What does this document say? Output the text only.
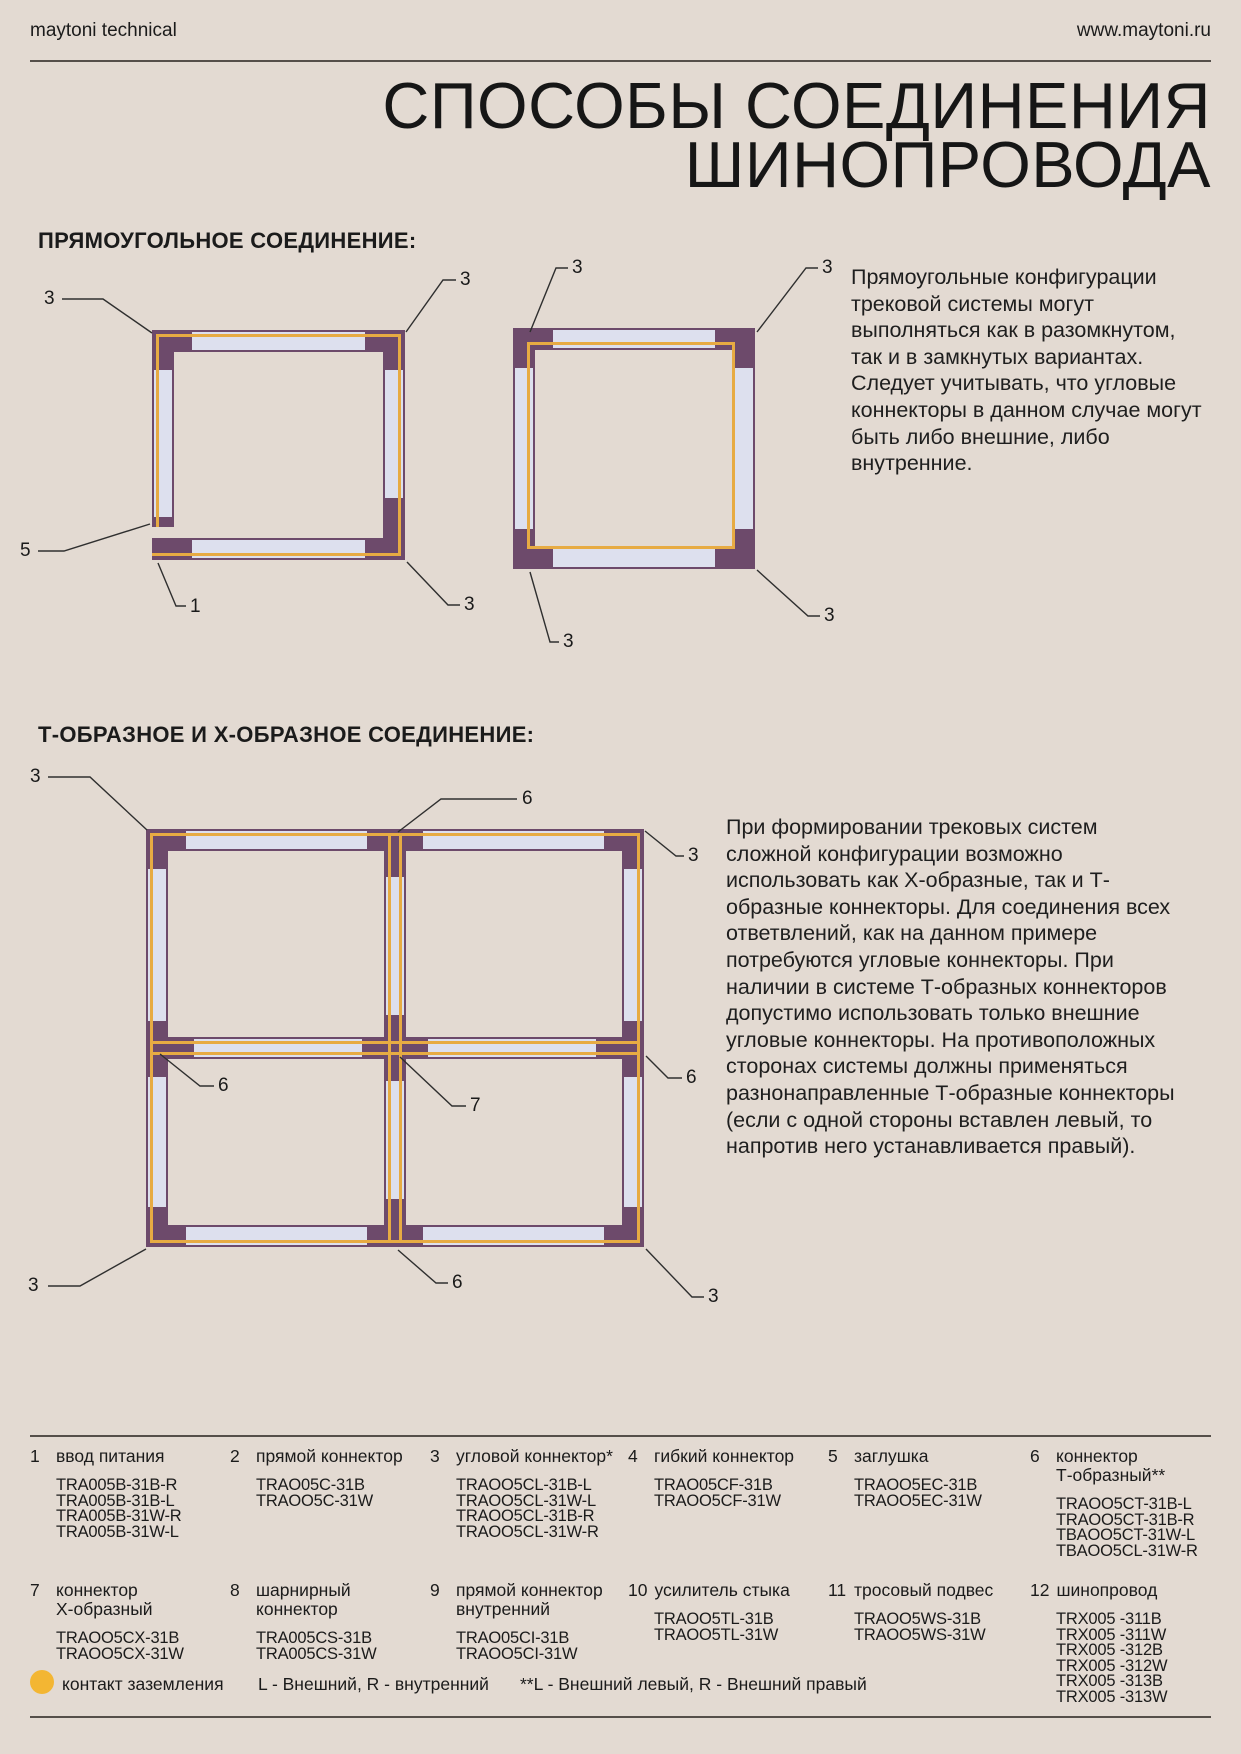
maytoni technical	www.maytoni.ru
СПОСОБЫ СОЕДИНЕНИЯ
ШИНОПРОВОДА
ПРЯМОУГОЛЬНОЕ СОЕДИНЕНИЕ:
Прямоугольные конфигурации трековой системы могут выполняться как в разомкнутом, так и в замкнутых вариантах. Следует учитывать, что угловые коннекторы в данном случае могут быть либо внешние, либо внутренние.
Т-ОБРАЗНОЕ И Х-ОБРАЗНОЕ СОЕДИНЕНИЕ:
При формировании трековых систем сложной конфигурации возможно использовать как Х-образные, так и Т-образные коннекторы. Для соединения всех ответвлений, как на данном примере потребуются угловые коннекторы. При наличии в системе Т-образных коннекторов допустимо использовать только внешние угловые коннекторы. На противоположных сторонах системы должны применяться разнонаправленные Т-образные коннекторы (если с одной стороны вставлен левый, то напротив него устанавливается правый).
3
3
5
1	3
3	3
3
3
3
6
3
6
7
6
3	6
3
1 ввод питания
TRA005B-31B-R
TRA005B-31B-L
TRA005B-31W-R
TRA005B-31W-L
2 прямой коннектор
TRAO05C-31B
TRAOO5C-31W
3 угловой коннектор*
TRAOO5CL-31B-L
TRAOO5CL-31W-L
TRAOO5CL-31B-R
TRAOO5CL-31W-R
4 гибкий коннектор
TRAO05CF-31B
TRAOO5CF-31W
5 заглушка
TRAOO5EC-31B
TRAOO5EC-31W
6 коннектор
Т-образный**
TRAOO5CT-31B-L
TRAOO5CT-31B-R
TBAOO5CT-31W-L
TBAOO5CL-31W-R
7 коннектор
Х-образный
TRAOO5CX-31B
TRAOO5CX-31W
8 шарнирный
коннектор
TRA005CS-31B
TRA005CS-31W
9 прямой коннектор
внутренний
TRAO05CI-31B
TRAOO5CI-31W
10 усилитель стыка
TRAOO5TL-31B
TRAOO5TL-31W
11 тросовый подвес
TRAOO5WS-31B
TRAOO5WS-31W
12 шинопровод
TRX005 -311B
TRX005 -311W
TRX005 -312B
TRX005 -312W
TRX005 -313B
TRX005 -313W
контакт заземления L - Внешний, R - внутренний **L - Внешний левый, R - Внешний правый
